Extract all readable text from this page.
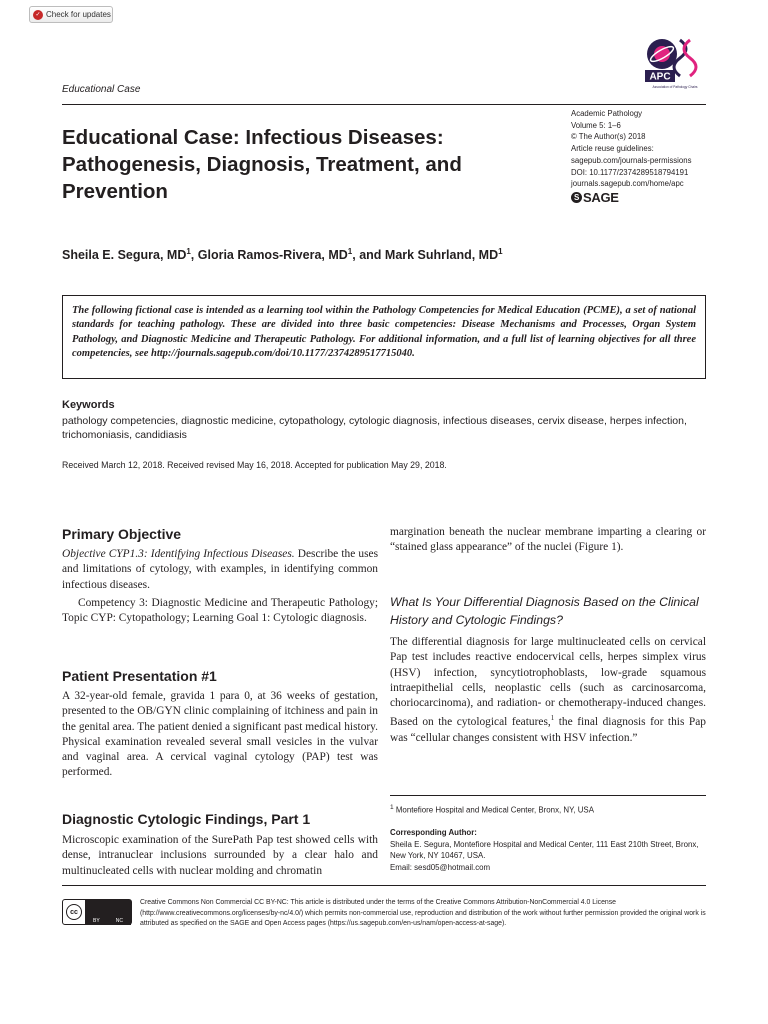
✓ Check for updates
Educational Case
APC
Association of Pathology Chairs
Educational Case: Infectious Diseases: Pathogenesis, Diagnosis, Treatment, and Prevention
Academic Pathology
Volume 5: 1–6
© The Author(s) 2018
Article reuse guidelines:
sagepub.com/journals-permissions
DOI: 10.1177/2374289518794191
journals.sagepub.com/home/apc
S SAGE
Sheila E. Segura, $MD^1$, Gloria Ramos-Rivera, $MD^1$, and Mark Suhrland, $MD^1$
The following fictional case is intended as a learning tool within the Pathology Competencies for Medical Education (PCME), a set of national standards for teaching pathology. These are divided into three basic competencies: Disease Mechanisms and Processes, Organ System Pathology, and Diagnostic Medicine and Therapeutic Pathology. For additional information, and a full list of learning objectives for all three competencies, see http://journals.sagepub.com/doi/10.1177/2374289517715040.
Keywords
pathology competencies, diagnostic medicine, cytopathology, cytologic diagnosis, infectious diseases, cervix disease, herpes infection, trichomoniasis, candidiasis
Received March 12, 2018. Received revised May 16, 2018. Accepted for publication May 29, 2018.
Primary Objective
Objective CYP1.3: Identifying Infectious Diseases. Describe the uses and limitations of cytology, with examples, in identifying common infectious diseases.
Competency 3: Diagnostic Medicine and Therapeutic Pathology; Topic CYP: Cytopathology; Learning Goal 1: Cytologic diagnosis.
Patient Presentation #1
A 32-year-old female, gravida 1 para 0, at 36 weeks of gestation, presented to the OB/GYN clinic complaining of itchiness and pain in the genital area. The patient denied a significant past medical history. Physical examination revealed several small vesicles in the vulvar and vaginal area. A cervical vaginal cytology (PAP) test was performed.
Diagnostic Cytologic Findings, Part 1
Microscopic examination of the SurePath Pap test showed cells with dense, intranuclear inclusions surrounded by a clear halo and multinucleated cells with nuclear molding and chromatin
margination beneath the nuclear membrane imparting a clearing or “stained glass appearance” of the nuclei (Figure 1).
What Is Your Differential Diagnosis Based on the Clinical History and Cytologic Findings?
The differential diagnosis for large multinucleated cells on cervical Pap test includes reactive endocervical cells, herpes simplex virus (HSV) infection, syncytiotrophoblasts, low-grade squamous intraepithelial cells, neoplastic cells (such as carcinosarcoma, choriocarcinoma), and radiation- or chemotherapy-induced changes. Based on the cytological features,$^1$ the final diagnosis for this Pap was “cellular changes consistent with HSV infection.”
$^1$ Montefiore Hospital and Medical Center, Bronx, NY, USA
Corresponding Author:
Sheila E. Segura, Montefiore Hospital and Medical Center, 111 East 210th Street, Bronx, New York, NY 10467, USA.
Email: sesd05@hotmail.com
cc
BY	NC
Creative Commons Non Commercial CC BY-NC: This article is distributed under the terms of the Creative Commons Attribution-NonCommercial 4.0 License (http://www.creativecommons.org/licenses/by-nc/4.0/) which permits non-commercial use, reproduction and distribution of the work without further permission provided the original work is attributed as specified on the SAGE and Open Access pages (https://us.sagepub.com/en-us/nam/open-access-at-sage).
